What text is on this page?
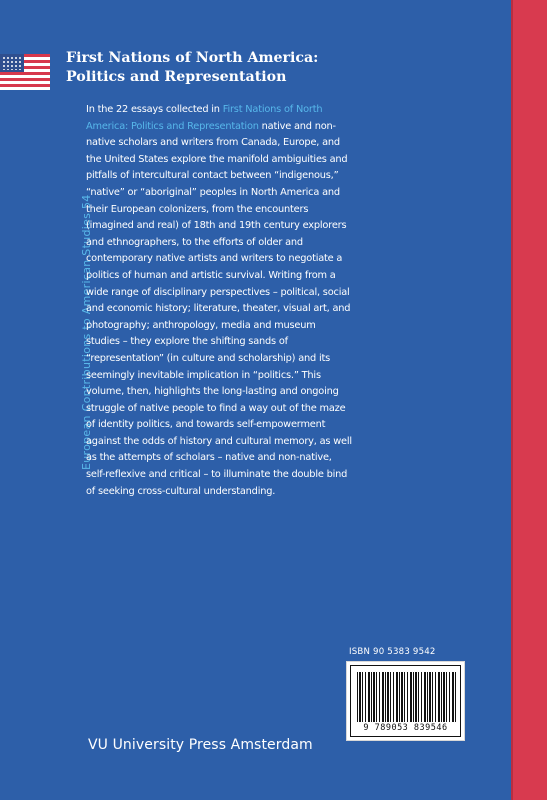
European Contributions to American Studies 54
First Nations of North America:
Politics and Representation
In the 22 essays collected in First Nations of North
America: Politics and Representation native and non-
native scholars and writers from Canada, Europe, and
the United States explore the manifold ambiguities and
pitfalls of intercultural contact between “indigenous,”
“native” or “aboriginal” peoples in North America and
their European colonizers, from the encounters
(imagined and real) of 18th and 19th century explorers
and ethnographers, to the efforts of older and
contemporary native artists and writers to negotiate a
politics of human and artistic survival. Writing from a
wide range of disciplinary perspectives – political, social
and economic history; literature, theater, visual art, and
photography; anthropology, media and museum
studies – they explore the shifting sands of
“representation” (in culture and scholarship) and its
seemingly inevitable implication in “politics.” This
volume, then, highlights the long-lasting and ongoing
struggle of native people to find a way out of the maze
of identity politics, and towards self-empowerment
against the odds of history and cultural memory, as well
as the attempts of scholars – native and non-native,
self-reflexive and critical – to illuminate the double bind
of seeking cross-cultural understanding.
ISBN 90 5383 9542
9 789053 839546
VU University Press Amsterdam
